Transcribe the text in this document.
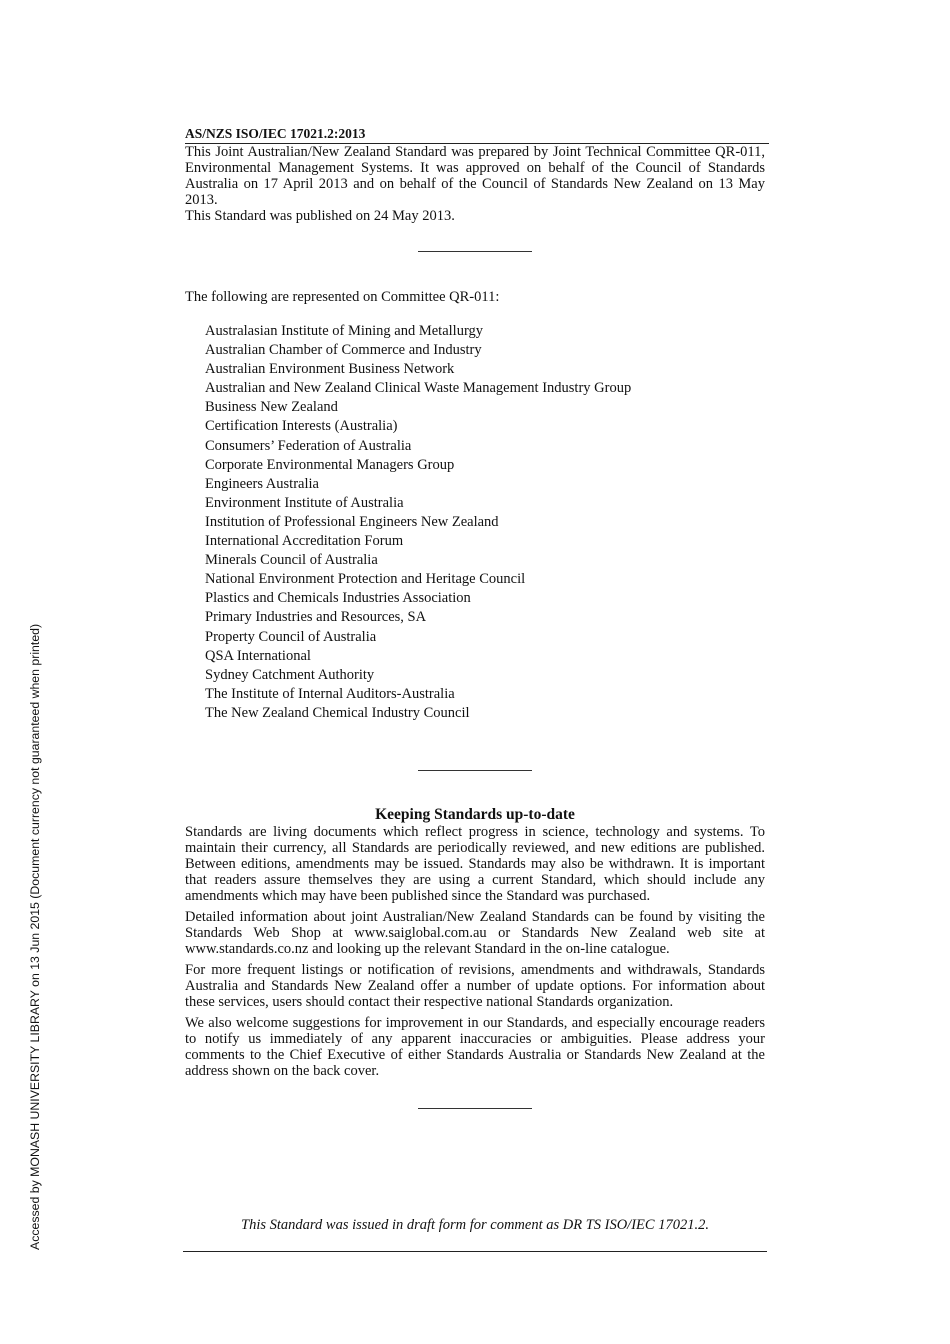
Accessed by MONASH UNIVERSITY LIBRARY on 13 Jun 2015 (Document currency not guaranteed when printed)
AS/NZS ISO/IEC 17021.2:2013

This Joint Australian/New Zealand Standard was prepared by Joint Technical Committee QR-011, Environmental Management Systems. It was approved on behalf of the Council of Standards Australia on 17 April 2013 and on behalf of the Council of Standards New Zealand on 13 May 2013.

This Standard was published on 24 May 2013.

The following are represented on Committee QR-011:

Australasian Institute of Mining and Metallurgy
Australian Chamber of Commerce and Industry
Australian Environment Business Network
Australian and New Zealand Clinical Waste Management Industry Group
Business New Zealand
Certification Interests (Australia)
Consumers’ Federation of Australia
Corporate Environmental Managers Group
Engineers Australia
Environment Institute of Australia
Institution of Professional Engineers New Zealand
International Accreditation Forum
Minerals Council of Australia
National Environment Protection and Heritage Council
Plastics and Chemicals Industries Association
Primary Industries and Resources, SA
Property Council of Australia
QSA International
Sydney Catchment Authority
The Institute of Internal Auditors-Australia
The New Zealand Chemical Industry Council
Keeping Standards up-to-date

Standards are living documents which reflect progress in science, technology and systems. To maintain their currency, all Standards are periodically reviewed, and new editions are published. Between editions, amendments may be issued. Standards may also be withdrawn. It is important that readers assure themselves they are using a current Standard, which should include any amendments which may have been published since the Standard was purchased.

Detailed information about joint Australian/New Zealand Standards can be found by visiting the Standards Web Shop at www.saiglobal.com.au or Standards New Zealand web site at www.standards.co.nz and looking up the relevant Standard in the on-line catalogue.

For more frequent listings or notification of revisions, amendments and withdrawals, Standards Australia and Standards New Zealand offer a number of update options. For information about these services, users should contact their respective national Standards organization.

We also welcome suggestions for improvement in our Standards, and especially encourage readers to notify us immediately of any apparent inaccuracies or ambiguities. Please address your comments to the Chief Executive of either Standards Australia or Standards New Zealand at the address shown on the back cover.

This Standard was issued in draft form for comment as DR TS ISO/IEC 17021.2.
